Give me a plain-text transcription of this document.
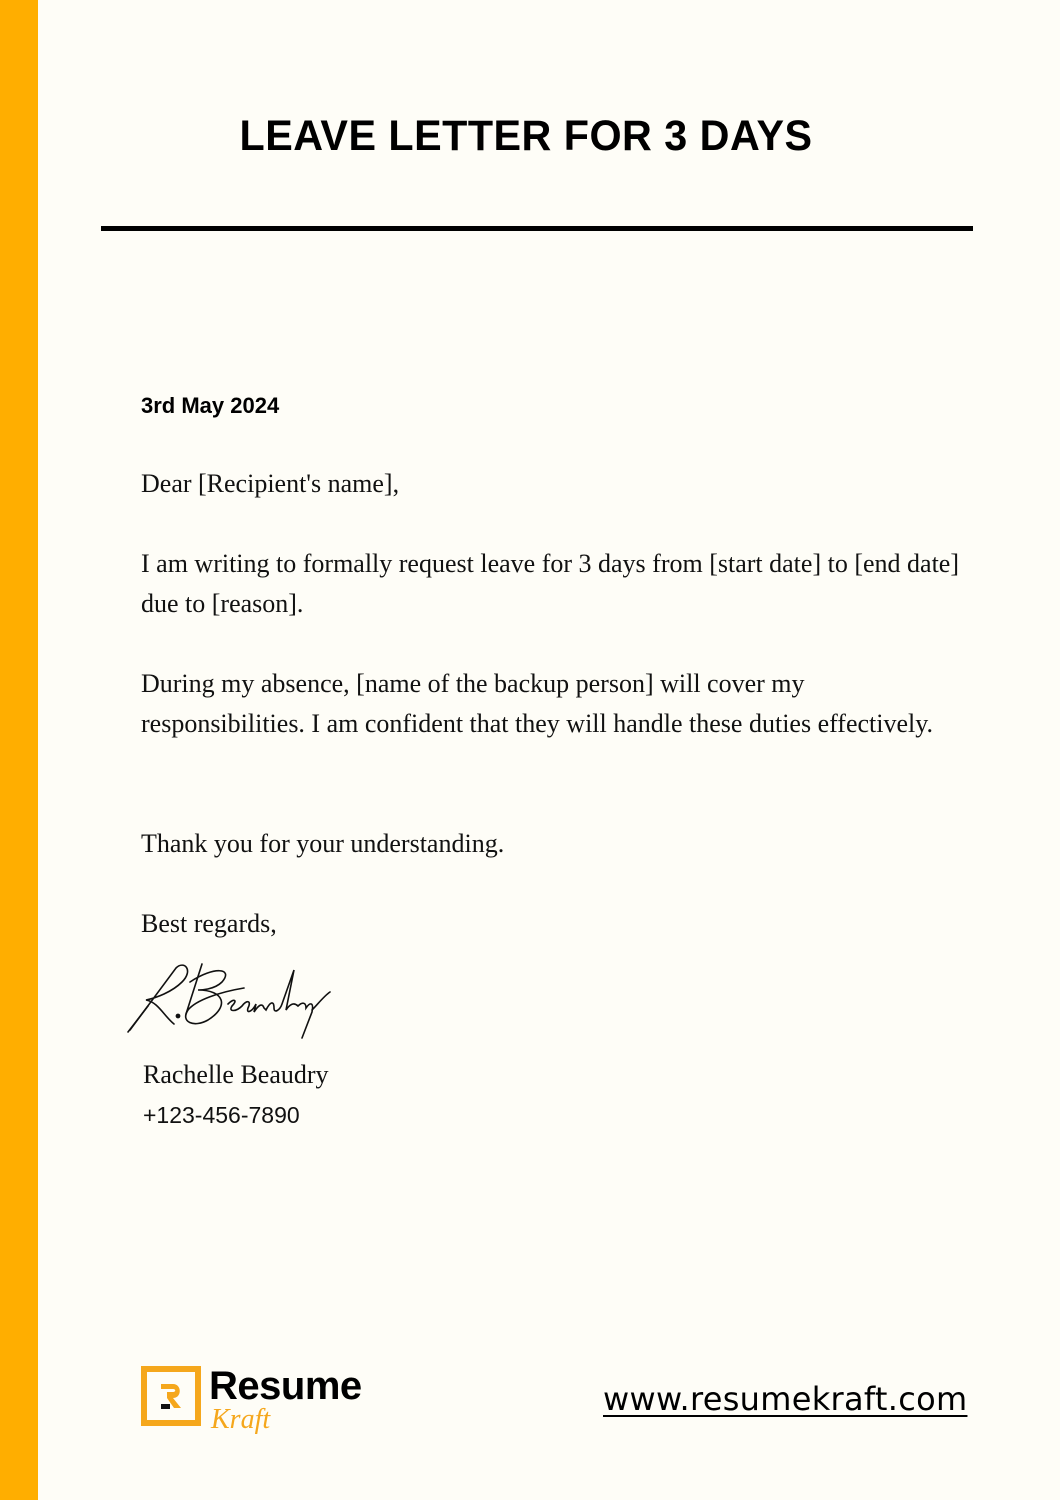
LEAVE LETTER FOR 3 DAYS
3rd May 2024
Dear [Recipient's name],
I am writing to formally request leave for 3 days from [start date] to [end date] due to [reason].
During my absence, [name of the backup person] will cover my responsibilities. I am confident that they will handle these duties effectively.
Thank you for your understanding.
Best regards,
Rachelle Beaudry
+123-456-7890
Resume
Kraft
www.resumekraft.com
